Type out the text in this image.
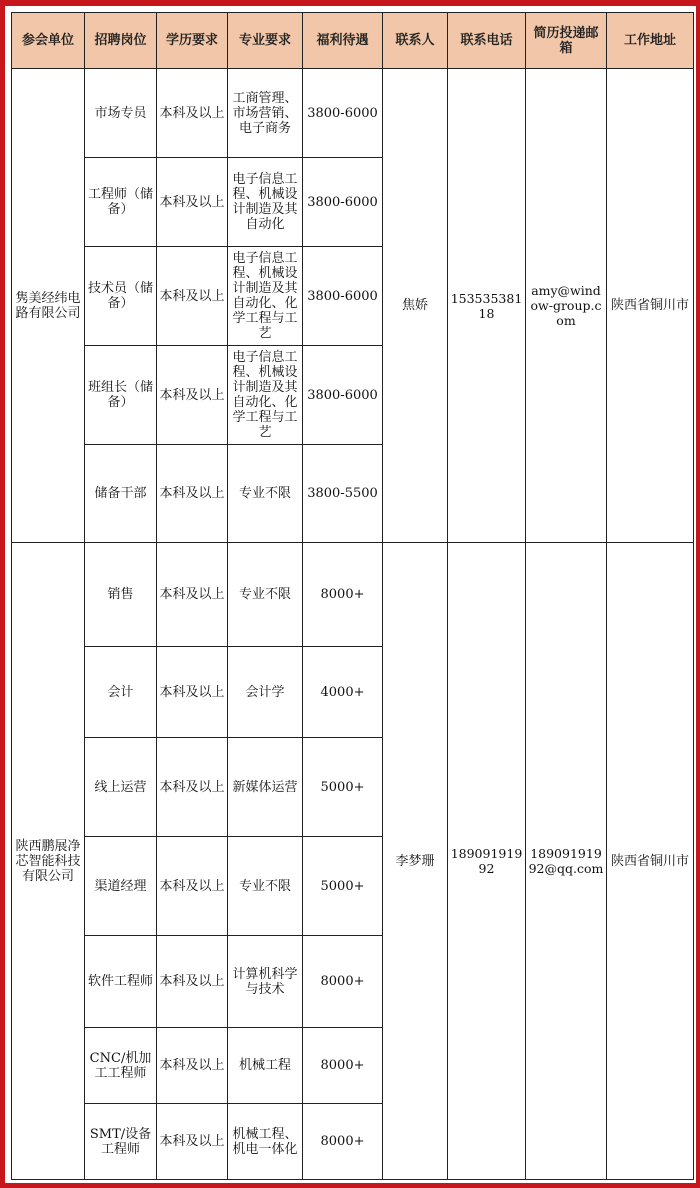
参会单位	招聘岗位	学历要求	专业要求	福利待遇	联系人	联系电话	简历投递邮箱	工作地址
隽美经纬电路有限公司	市场专员	本科及以上	工商管理、市场营销、电子商务	3800-6000	焦娇	15353538118	amy@window-group.com	陕西省铜川市
	工程师（储备）	本科及以上	电子信息工程、机械设计制造及其自动化	3800-6000				
	技术员（储备）	本科及以上	电子信息工程、机械设计制造及其自动化、化学工程与工艺	3800-6000				
	班组长（储备）	本科及以上	电子信息工程、机械设计制造及其自动化、化学工程与工艺	3800-6000				
	储备干部	本科及以上	专业不限	3800-5500				
陕西鹏展净芯智能科技有限公司	销售	本科及以上	专业不限	8000+	李梦珊	18909191992	18909191992@qq.com	陕西省铜川市
	会计	本科及以上	会计学	4000+				
	线上运营	本科及以上	新媒体运营	5000+				
	渠道经理	本科及以上	专业不限	5000+				
	软件工程师	本科及以上	计算机科学与技术	8000+				
	CNC/机加工工程师	本科及以上	机械工程	8000+				
	SMT/设备工程师	本科及以上	机械工程、机电一体化	8000+				
